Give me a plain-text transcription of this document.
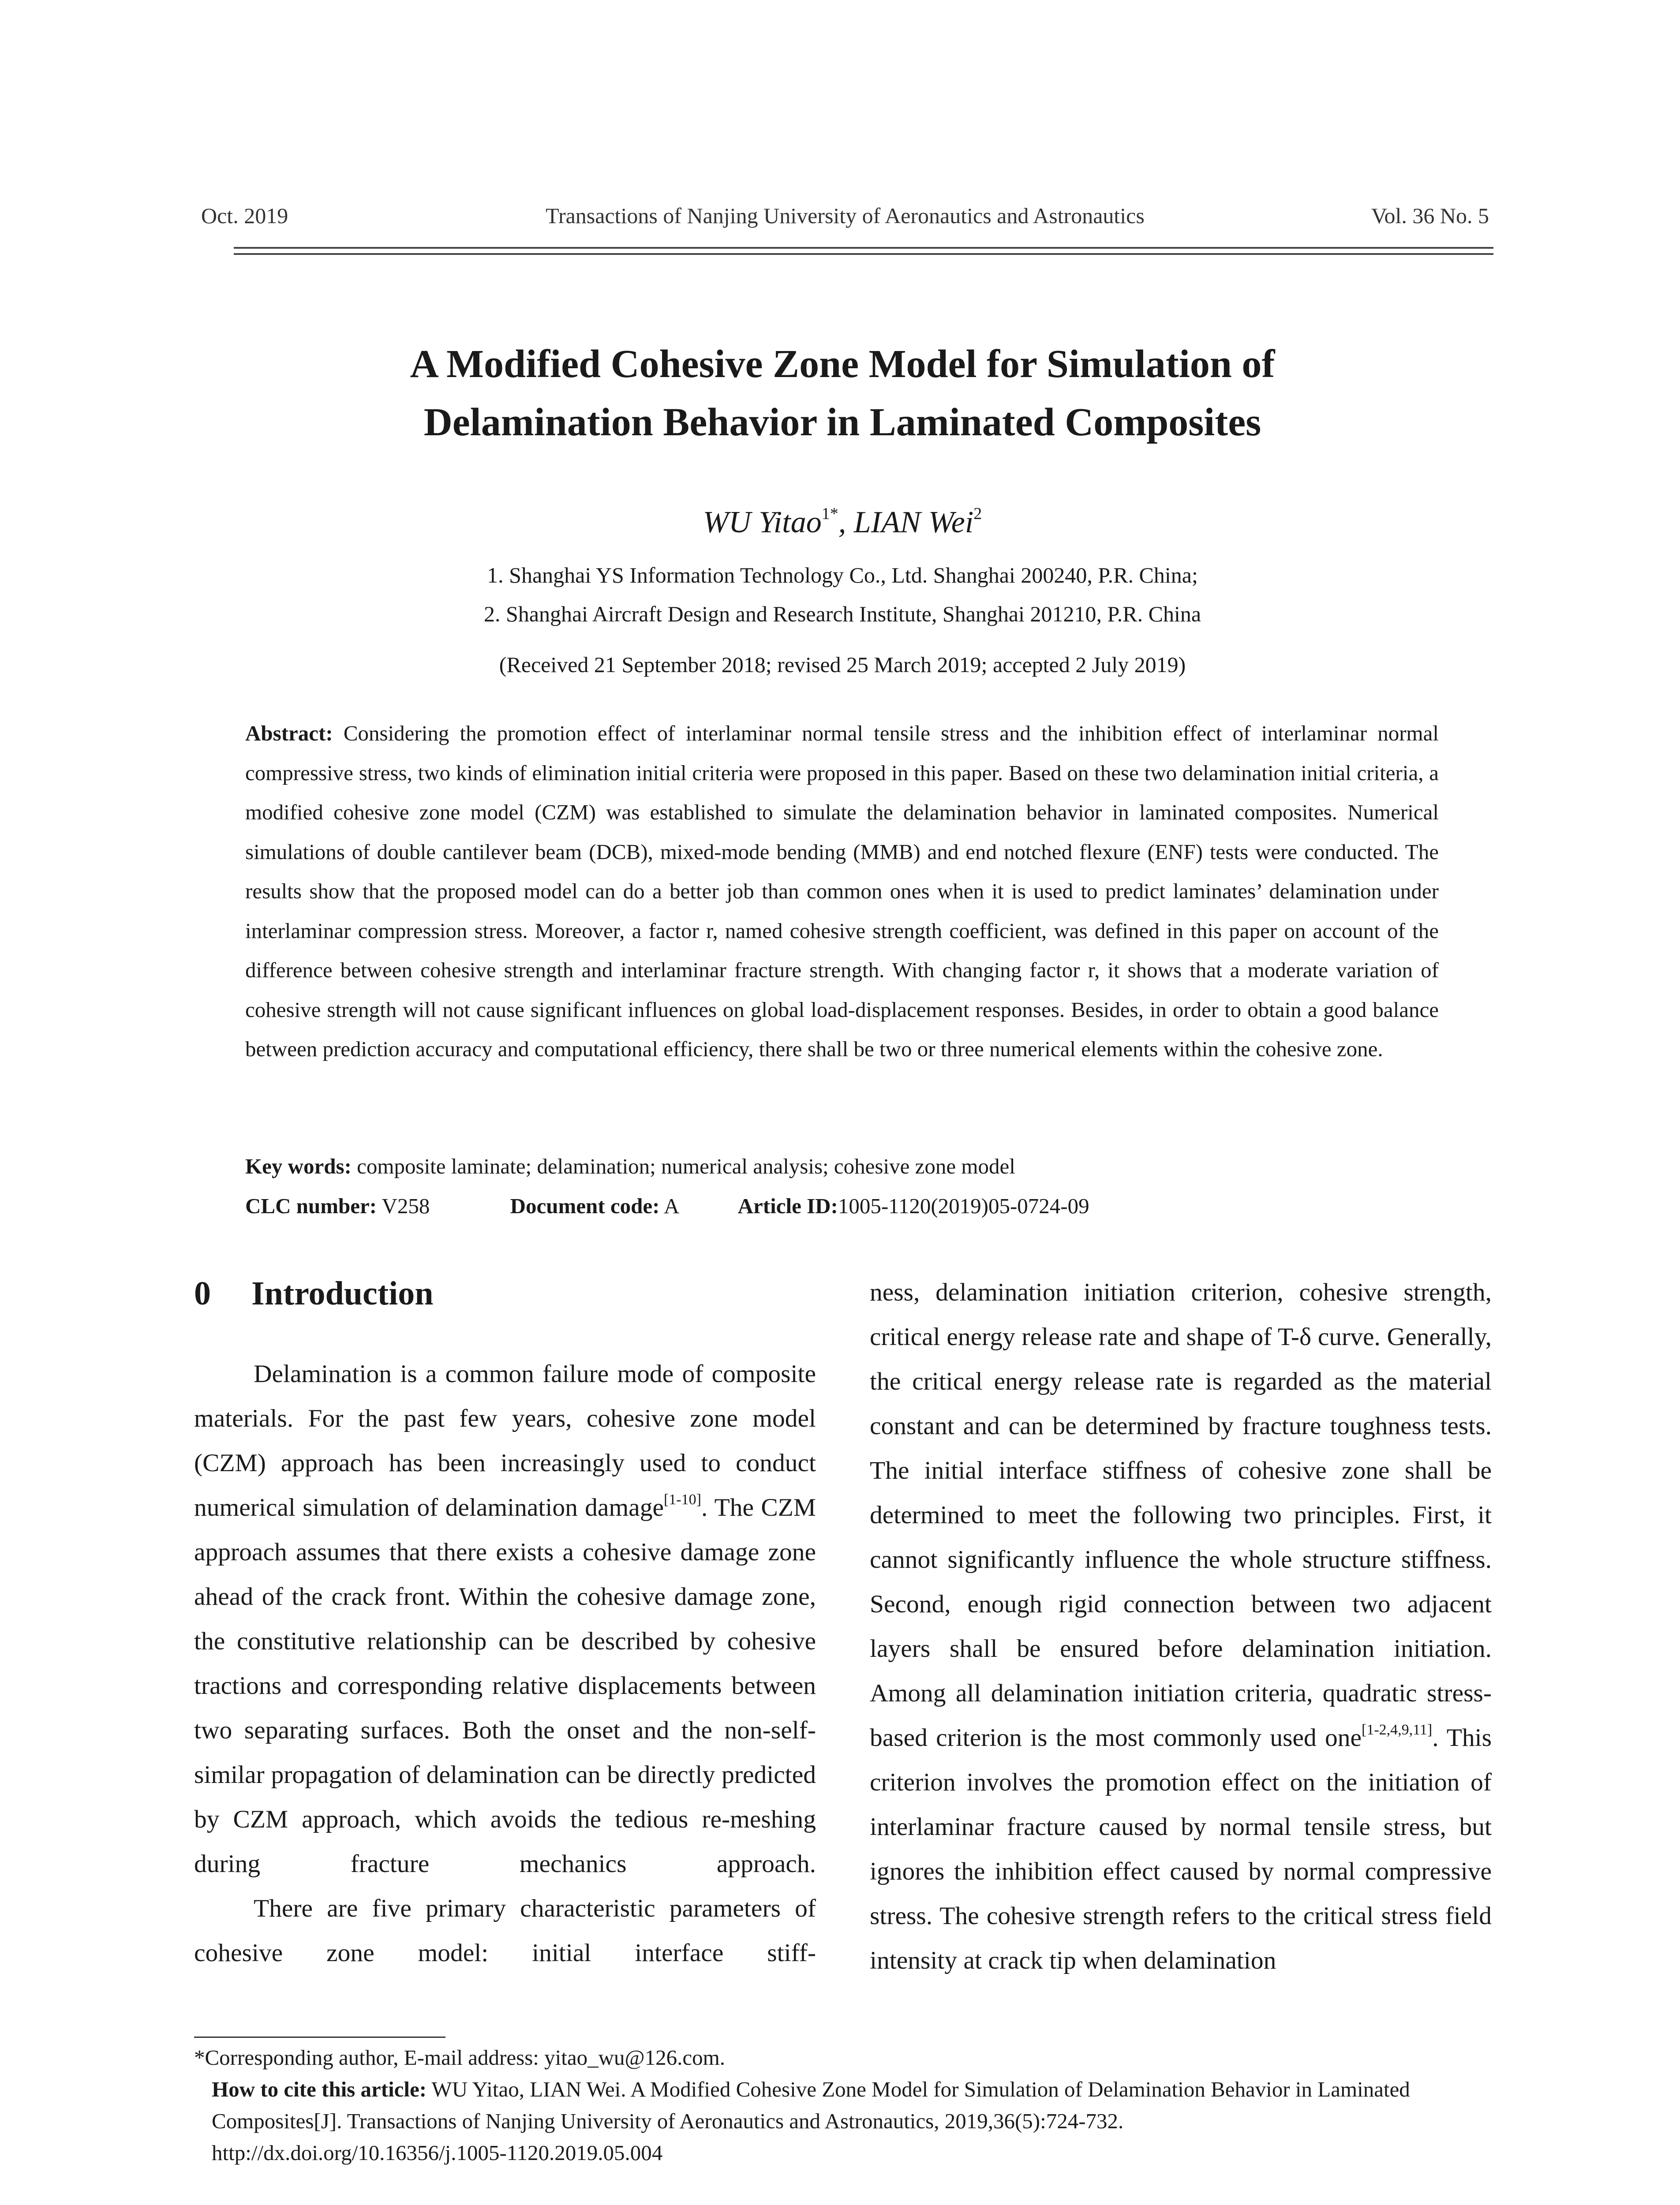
Oct. 2019	Transactions of Nanjing University of Aeronautics and Astronautics	Vol. 36 No. 5
A Modified Cohesive Zone Model for Simulation of
Delamination Behavior in Laminated Composites
WU Yitao$^{1*}$, LIAN Wei$^2$
1. Shanghai YS Information Technology Co., Ltd. Shanghai 200240, P.R. China;
2. Shanghai Aircraft Design and Research Institute, Shanghai 201210, P.R. China
(Received 21 September 2018; revised 25 March 2019; accepted 2 July 2019)
Abstract: Considering the promotion effect of interlaminar normal tensile stress and the inhibition effect of interlaminar normal compressive stress, two kinds of elimination initial criteria were proposed in this paper. Based on these two delamination initial criteria, a modified cohesive zone model (CZM) was established to simulate the delamination behavior in laminated composites. Numerical simulations of double cantilever beam (DCB), mixed-mode bending (MMB) and end notched flexure (ENF) tests were conducted. The results show that the proposed model can do a better job than common ones when it is used to predict laminates’ delamination under interlaminar compression stress. Moreover, a factor r, named cohesive strength coefficient, was defined in this paper on account of the difference between cohesive strength and interlaminar fracture strength. With changing factor r, it shows that a moderate variation of cohesive strength will not cause significant influences on global load-displacement responses. Besides, in order to obtain a good balance between prediction accuracy and computational efficiency, there shall be two or three numerical elements within the cohesive zone.
Key words: composite laminate; delamination; numerical analysis; cohesive zone model
CLC number: V258	Document code: A	Article ID:1005-1120(2019)05-0724-09
0 Introduction

Delamination is a common failure mode of composite materials. For the past few years, cohesive zone model (CZM) approach has been increasingly used to conduct numerical simulation of delamination damage[1-10]. The CZM approach assumes that there exists a cohesive damage zone ahead of the crack front. Within the cohesive damage zone, the constitutive relationship can be described by cohesive tractions and corresponding relative displacements between two separating surfaces. Both the onset and the non-self-similar propagation of delamination can be directly predicted by CZM approach, which avoids the tedious re-meshing during fracture mechanics approach.

There are five primary characteristic parameters of cohesive zone model: initial interface stiff-

ness, delamination initiation criterion, cohesive strength, critical energy release rate and shape of T-δ curve. Generally, the critical energy release rate is regarded as the material constant and can be determined by fracture toughness tests. The initial interface stiffness of cohesive zone shall be determined to meet the following two principles. First, it cannot significantly influence the whole structure stiffness. Second, enough rigid connection between two adjacent layers shall be ensured before delamination initiation. Among all delamination initiation criteria, quadratic stress-based criterion is the most commonly used one[1-2,4,9,11]. This criterion involves the promotion effect on the initiation of interlaminar fracture caused by normal tensile stress, but ignores the inhibition effect caused by normal compressive stress. The cohesive strength refers to the critical stress field intensity at crack tip when delamination

*Corresponding author, E-mail address: yitao_wu@126.com.

How to cite this article: WU Yitao, LIAN Wei. A Modified Cohesive Zone Model for Simulation of Delamination Behavior in Laminated Composites[J]. Transactions of Nanjing University of Aeronautics and Astronautics, 2019,36(5):724-732.

http://dx.doi.org/10.16356/j.1005-1120.2019.05.004
